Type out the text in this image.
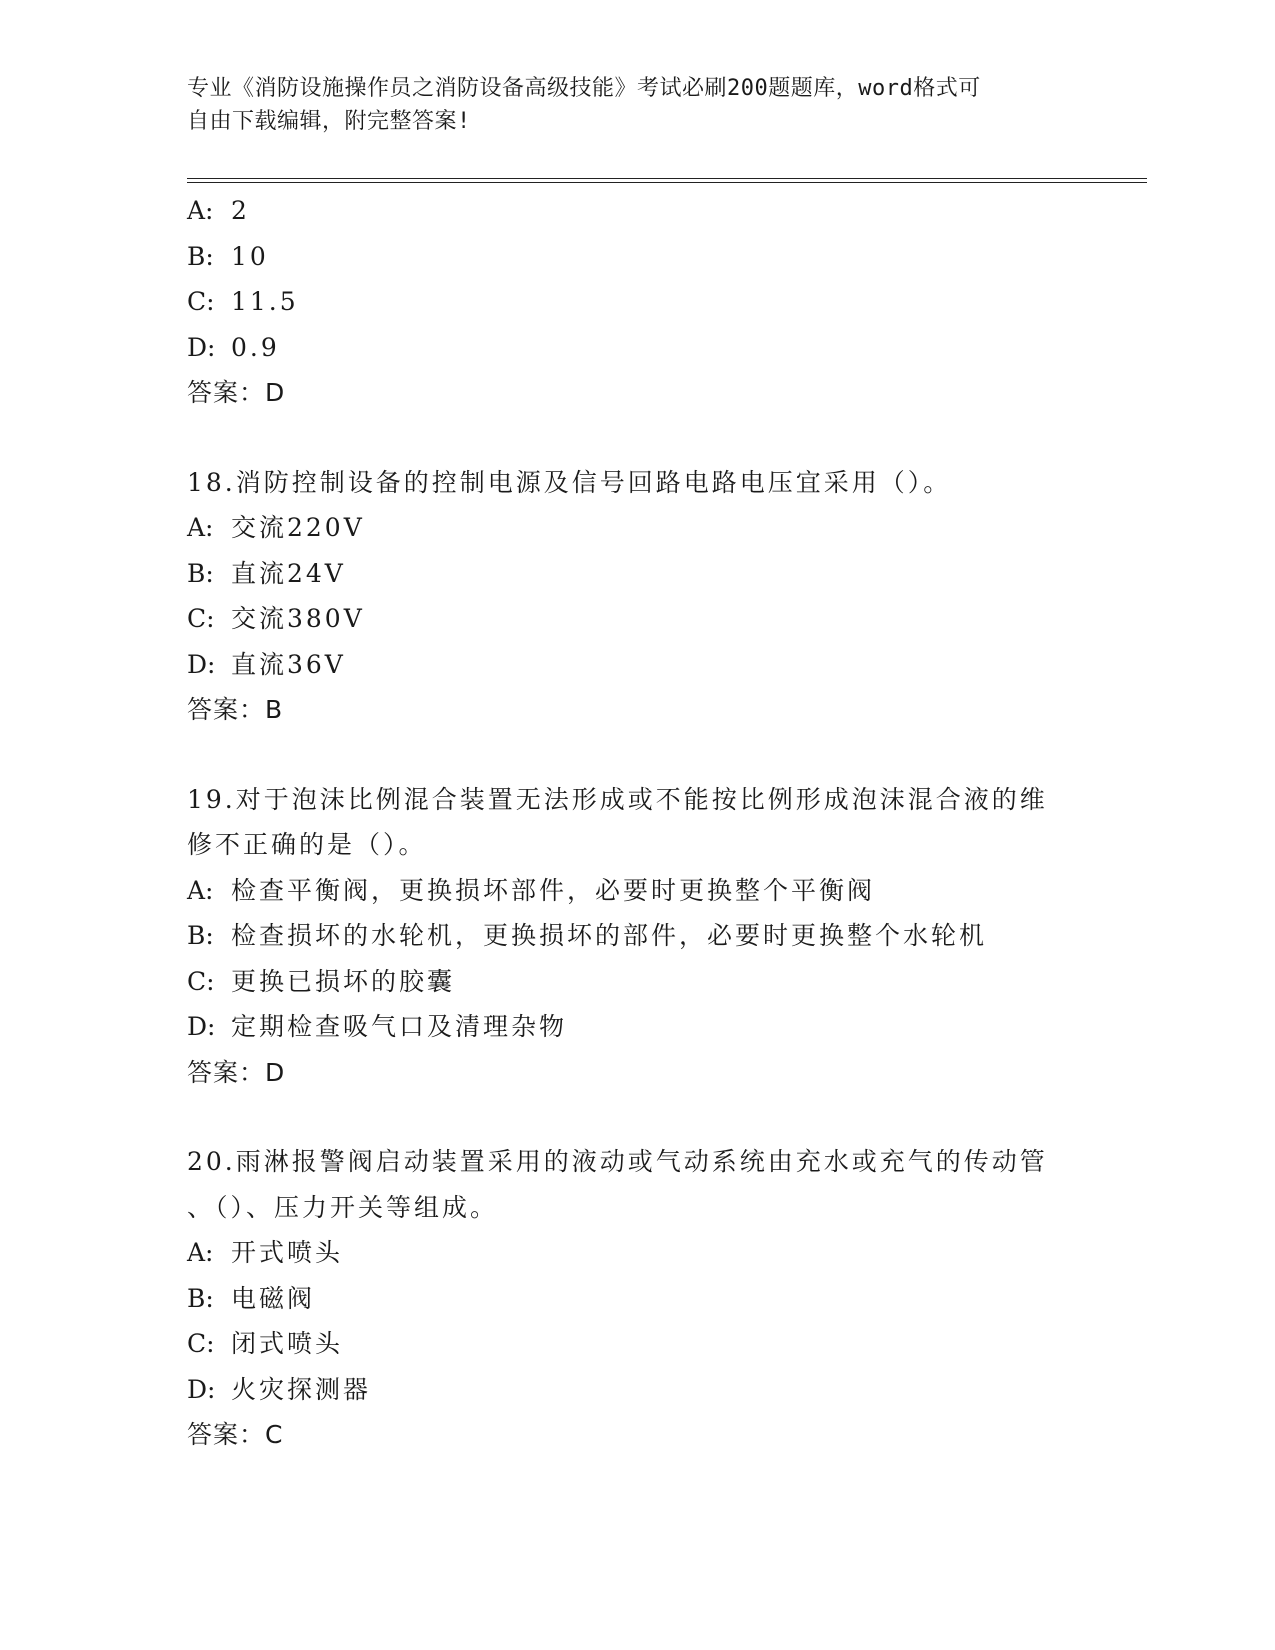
专业《消防设施操作员之消防设备高级技能》考试必刷200题题库，word格式可
自由下载编辑，附完整答案!
A: 2
B: 10
C: 11.5
D: 0.9
答案：D
18.消防控制设备的控制电源及信号回路电路电压宜采用（）。
A: 交流220V
B: 直流24V
C: 交流380V
D: 直流36V
答案：B
19.对于泡沫比例混合装置无法形成或不能按比例形成泡沫混合液的维
修不正确的是（）。
A: 检查平衡阀，更换损坏部件，必要时更换整个平衡阀
B: 检查损坏的水轮机，更换损坏的部件，必要时更换整个水轮机
C: 更换已损坏的胶囊
D: 定期检查吸气口及清理杂物
答案：D
20.雨淋报警阀启动装置采用的液动或气动系统由充水或充气的传动管
、（）、压力开关等组成。
A: 开式喷头
B: 电磁阀
C: 闭式喷头
D: 火灾探测器
答案：C
